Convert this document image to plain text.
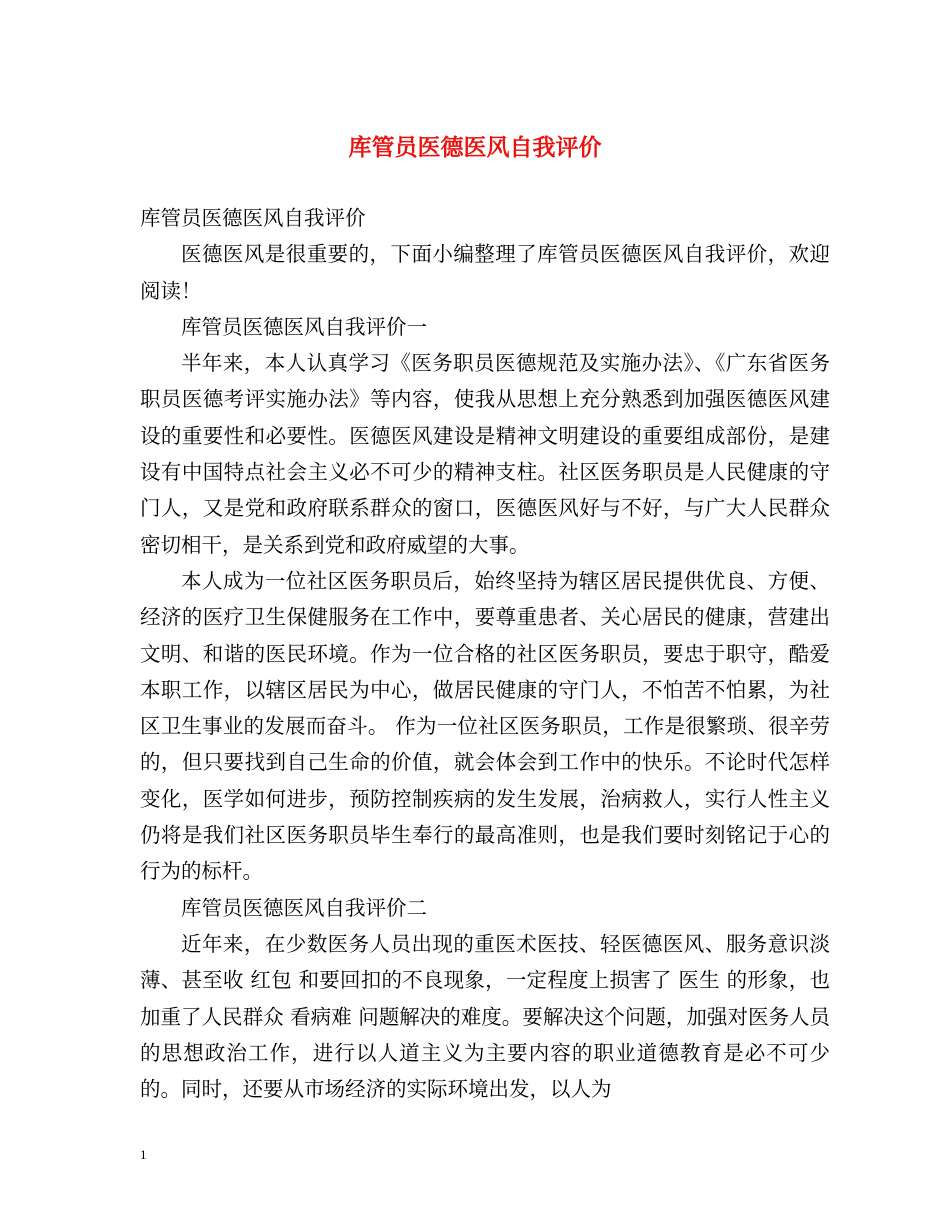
库管员医德医风自我评价

库管员医德医风自我评价

医德医风是很重要的，下面小编整理了库管员医德医风自我评价，欢迎阅读！

库管员医德医风自我评价一

半年来，本人认真学习《医务职员医德规范及实施办法》、《广东省医务职员医德考评实施办法》等内容，使我从思想上充分熟悉到加强医德医风建设的重要性和必要性。医德医风建设是精神文明建设的重要组成部份，是建设有中国特点社会主义必不可少的精神支柱。社区医务职员是人民健康的守门人，又是党和政府联系群众的窗口，医德医风好与不好，与广大人民群众密切相干，是关系到党和政府威望的大事。

本人成为一位社区医务职员后，始终坚持为辖区居民提供优良、方便、经济的医疗卫生保健服务在工作中，要尊重患者、关心居民的健康，营建出文明、和谐的医民环境。作为一位合格的社区医务职员，要忠于职守，酷爱本职工作，以辖区居民为中心，做居民健康的守门人，不怕苦不怕累，为社区卫生事业的发展而奋斗。 作为一位社区医务职员，工作是很繁琐、很辛劳的，但只要找到自己生命的价值，就会体会到工作中的快乐。不论时代怎样变化，医学如何进步，预防控制疾病的发生发展，治病救人，实行人性主义仍将是我们社区医务职员毕生奉行的最高准则，也是我们要时刻铭记于心的行为的标杆。

库管员医德医风自我评价二

近年来，在少数医务人员出现的重医术医技、轻医德医风、服务意识淡薄、甚至收 红包 和要回扣的不良现象，一定程度上损害了 医生 的形象，也加重了人民群众 看病难 问题解决的难度。要解决这个问题，加强对医务人员的思想政治工作，进行以人道主义为主要内容的职业道德教育是必不可少的。同时，还要从市场经济的实际环境出发，以人为

1
